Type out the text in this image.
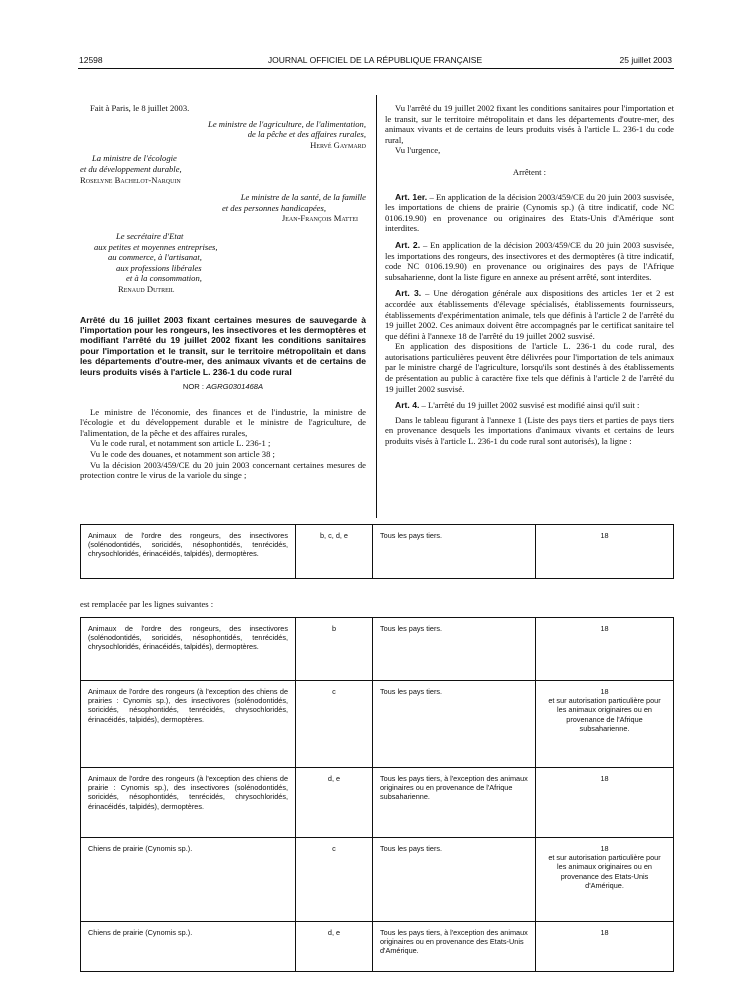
12598	JOURNAL OFFICIEL DE LA RÉPUBLIQUE FRANÇAISE	25 juillet 2003

Fait à Paris, le 8 juillet 2003.

Le ministre de l'agriculture, de l'alimentation,

de la pêche et des affaires rurales,

Hervé Gaymard

La ministre de l'écologie

et du développement durable,

Roselyne Bachelot-Narquin

Le ministre de la santé, de la famille

et des personnes handicapées,

Jean-François Mattei

Le secrétaire d'Etat

aux petites et moyennes entreprises,

au commerce, à l'artisanat,

aux professions libérales

et à la consommation,

Renaud Dutreil

Arrêté du 16 juillet 2003 fixant certaines mesures de sauvegarde à l'importation pour les rongeurs, les insectivores et les dermoptères et modifiant l'arrêté du 19 juillet 2002 fixant les conditions sanitaires pour l'importation et le transit, sur le territoire métropolitain et dans les départements d'outre-mer, des animaux vivants et de certains de leurs produits visés à l'article L. 236-1 du code rural

NOR : AGRG0301468A

Le ministre de l'économie, des finances et de l'industrie, la ministre de l'écologie et du développement durable et le ministre de l'agriculture, de l'alimentation, de la pêche et des affaires rurales,

Vu le code rural, et notamment son article L. 236-1 ;

Vu le code des douanes, et notamment son article 38 ;

Vu la décision 2003/459/CE du 20 juin 2003 concernant certaines mesures de protection contre le virus de la variole du singe ;

Vu l'arrêté du 19 juillet 2002 fixant les conditions sanitaires pour l'importation et le transit, sur le territoire métropolitain et dans les départements d'outre-mer, des animaux vivants et de certains de leurs produits visés à l'article L. 236-1 du code rural,

Vu l'urgence,

Arrêtent :

Art. 1er. – En application de la décision 2003/459/CE du 20 juin 2003 susvisée, les importations de chiens de prairie (Cynomis sp.) (à titre indicatif, code NC 0106.19.90) en provenance ou originaires des Etats-Unis d'Amérique sont interdites.

Art. 2. – En application de la décision 2003/459/CE du 20 juin 2003 susvisée, les importations des rongeurs, des insectivores et des dermoptères (à titre indicatif, code NC 0106.19.90) en provenance ou originaires des pays de l'Afrique subsaharienne, dont la liste figure en annexe au présent arrêté, sont interdites.

Art. 3. – Une dérogation générale aux dispositions des articles 1er et 2 est accordée aux établissements d'élevage spécialisés, établissements fournisseurs, établissements d'expérimentation animale, tels que définis à l'article 2 de l'arrêté du 19 juillet 2002. Ces animaux doivent être accompagnés par le certificat sanitaire tel que défini à l'annexe 18 de l'arrêté du 19 juillet 2002 susvisé.

En application des dispositions de l'article L. 236-1 du code rural, des autorisations particulières peuvent être délivrées pour l'importation de tels animaux par le ministre chargé de l'agriculture, lorsqu'ils sont destinés à des établissements de présentation au public à caractère fixe tels que définis à l'article 2 de l'arrêté du 19 juillet 2002 susvisé.

Art. 4. – L'arrêté du 19 juillet 2002 susvisé est modifié ainsi qu'il suit :

Dans le tableau figurant à l'annexe 1 (Liste des pays tiers et parties de pays tiers en provenance desquels les importations d'animaux vivants et certains de leurs produits visés à l'article L. 236-1 du code rural sont autorisés), la ligne :

Animaux de l'ordre des rongeurs, des insectivores (solénodontidés, soricidés, nésophontidés, tenrécidés, chrysochloridés, érinacéidés, talpidés), dermoptères.	b, c, d, e	Tous les pays tiers.	18

est remplacée par les lignes suivantes :

Animaux de l'ordre des rongeurs, des insectivores (solénodontidés, soricidés, nésophontidés, tenrécidés, chrysochloridés, érinacéidés, talpidés), dermoptères.	b	Tous les pays tiers.	18
Animaux de l'ordre des rongeurs (à l'exception des chiens de prairies : Cynomis sp.), des insectivores (solénodontidés, soricidés, nésophontidés, tenrécidés, chrysochloridés, érinacéidés, talpidés), dermoptères.	c	Tous les pays tiers.	18
et sur autorisation particulière pour les animaux originaires ou en provenance de l'Afrique subsaharienne.
Animaux de l'ordre des rongeurs (à l'exception des chiens de prairie : Cynomis sp.), des insectivores (solénodontidés, soricidés, nésophontidés, tenrécidés, chrysochloridés, érinacéidés, talpidés), dermoptères.	d, e	Tous les pays tiers, à l'exception des animaux originaires ou en provenance de l'Afrique subsaharienne.	18
Chiens de prairie (Cynomis sp.).	c	Tous les pays tiers.	18
et sur autorisation particulière pour les animaux originaires ou en provenance des Etats-Unis d'Amérique.
Chiens de prairie (Cynomis sp.).	d, e	Tous les pays tiers, à l'exception des animaux originaires ou en provenance des Etats-Unis d'Amérique.	18
